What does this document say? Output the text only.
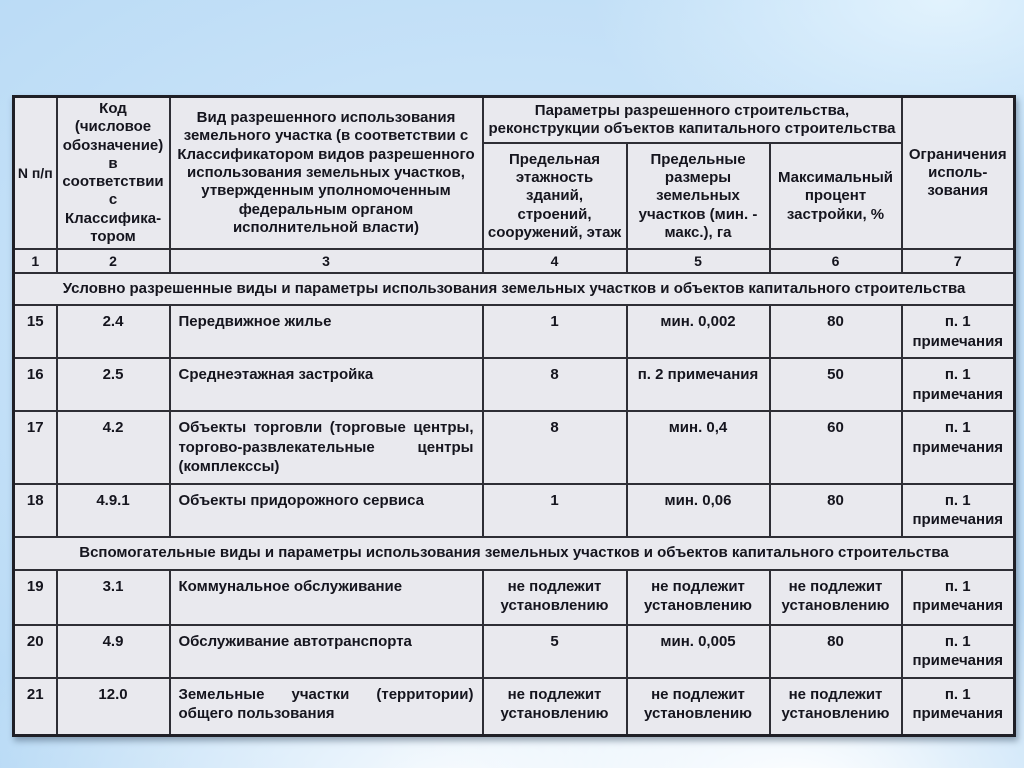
N п/п	Код (числовое обозначение) в соответствии с Классифика-тором	Вид разрешенного использования земельного участка (в соответствии с Классификатором видов разрешенного использования земельных участков, утвержденным уполномоченным федеральным органом исполнительной власти)	Параметры разрешенного строительства, реконструкции объектов капитального строительства			Ограничения исполь-зования
			Предельная этажность зданий, строений, сооружений, этаж	Предельные размеры земельных участков (мин. - макс.), га	Максимальный процент застройки, %	
1	2	3	4	5	6	7
Условно разрешенные виды и параметры использования земельных участков и объектов капитального строительства						
15	2.4	Передвижное жилье	1	мин. 0,002	80	п. 1 примечания
16	2.5	Среднеэтажная застройка	8	п. 2 примечания	50	п. 1 примечания
17	4.2	Объекты торговли (торговые центры, торгово-развлекательные центры (комплекссы)	8	мин. 0,4	60	п. 1 примечания
18	4.9.1	Объекты придорожного сервиса	1	мин. 0,06	80	п. 1 примечания
Вспомогательные виды и параметры использования земельных участков и объектов капитального строительства						
19	3.1	Коммунальное обслуживание	не подлежит установлению	не подлежит установлению	не подлежит установлению	п. 1 примечания
20	4.9	Обслуживание автотранспорта	5	мин. 0,005	80	п. 1 примечания
21	12.0	Земельные участки (территории) общего пользования	не подлежит установлению	не подлежит установлению	не подлежит установлению	п. 1 примечания
